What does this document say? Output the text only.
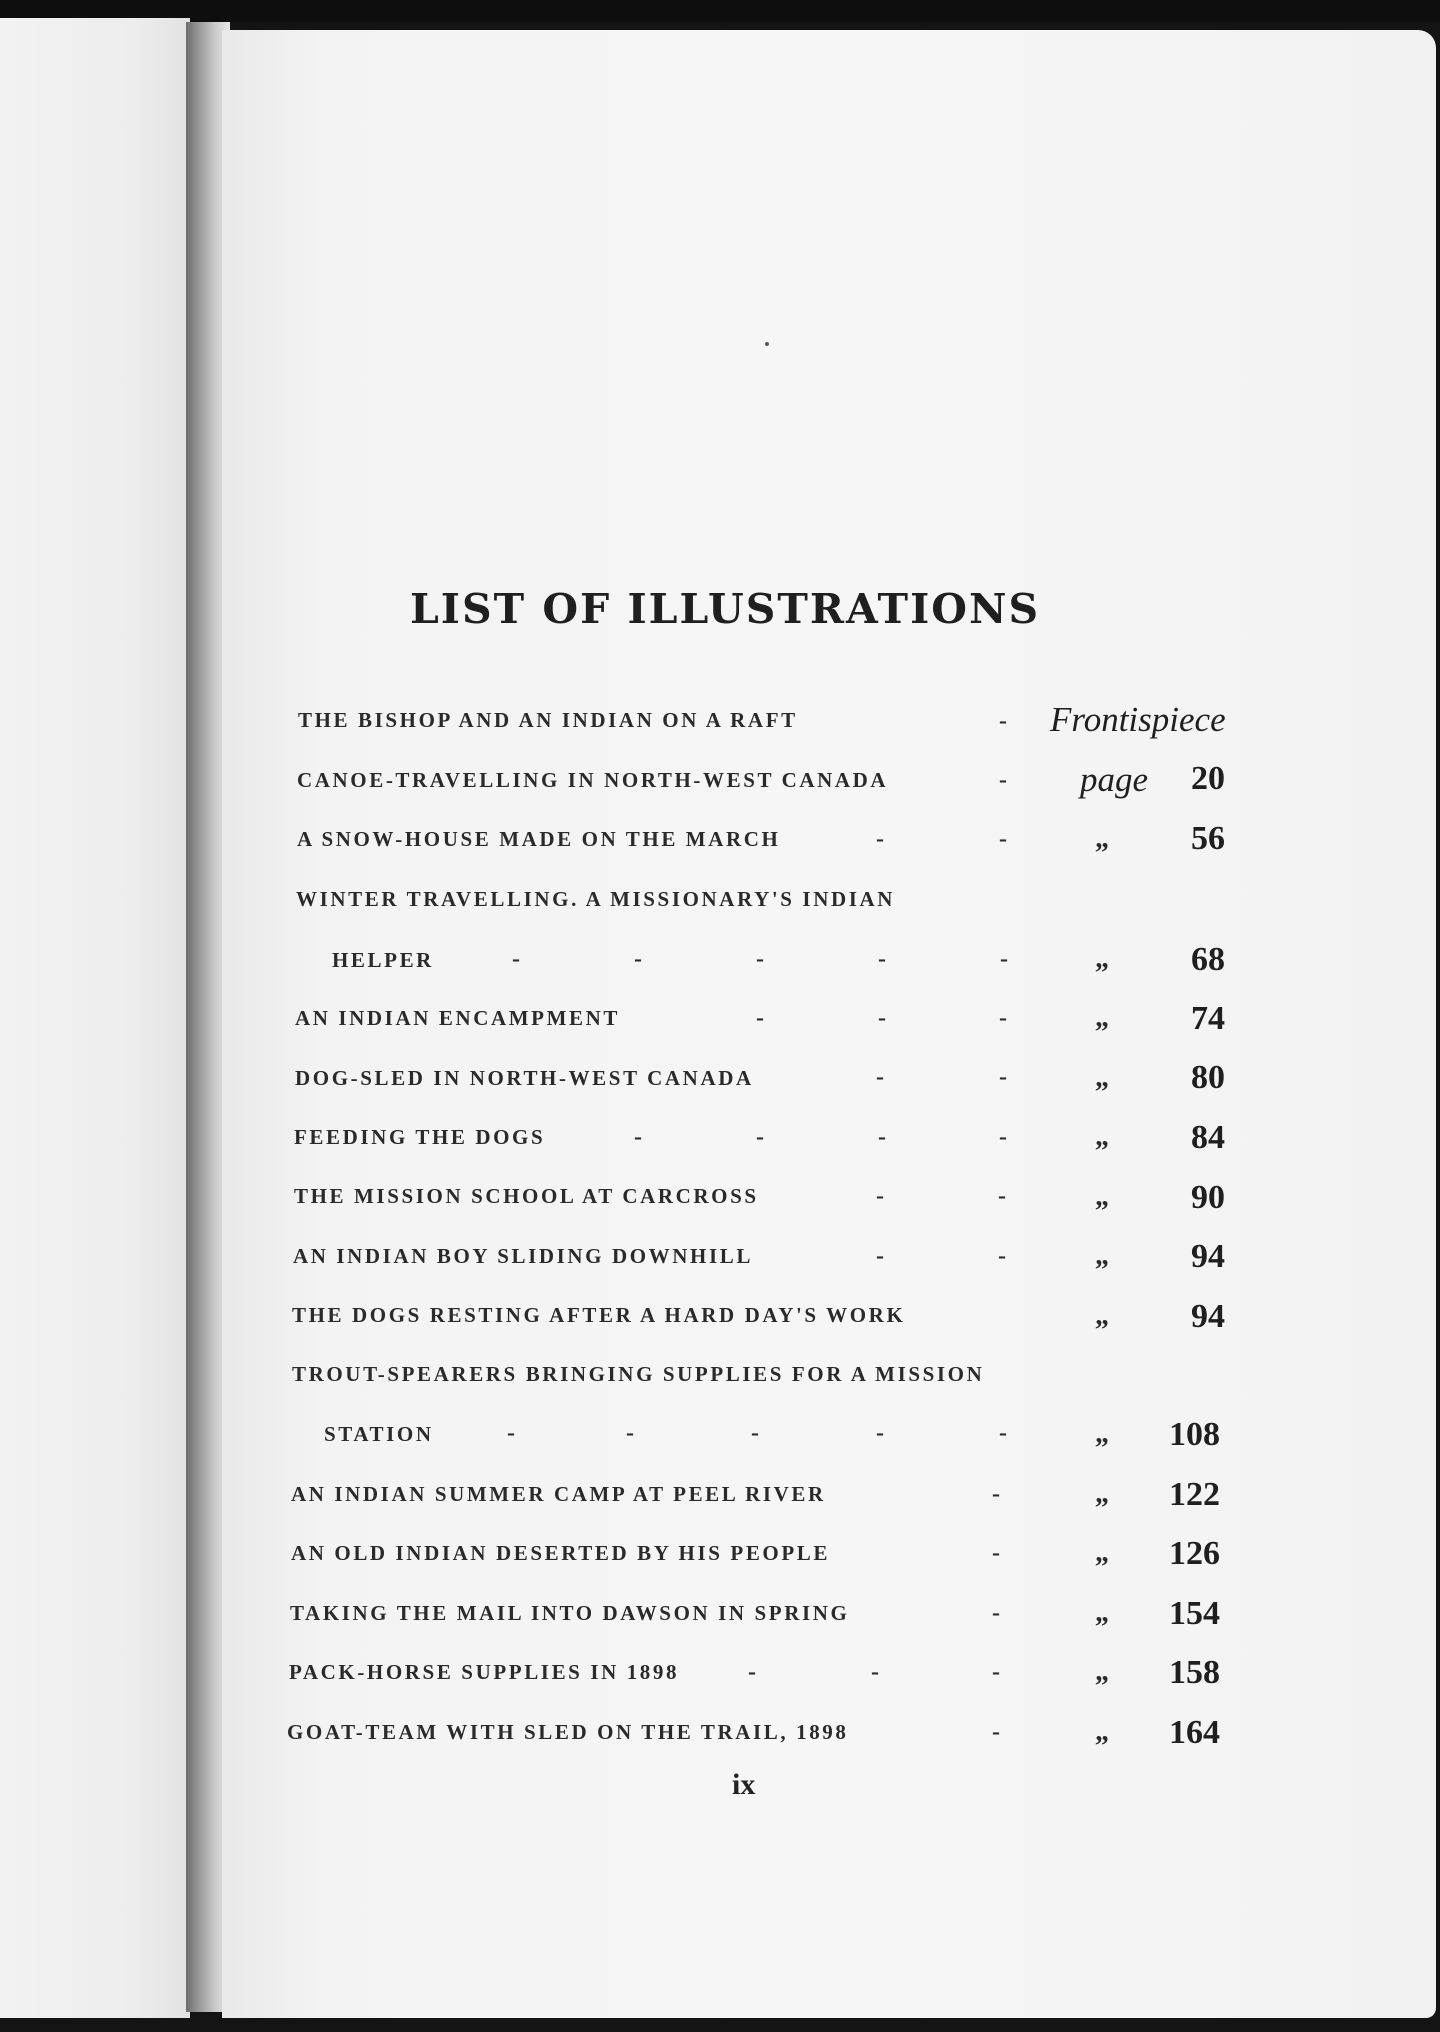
LIST OF ILLUSTRATIONS
THE BISHOP AND AN INDIAN ON A RAFT	- Frontispiece
CANOE-TRAVELLING IN NORTH-WEST CANADA	- page	20
A SNOW-HOUSE MADE ON THE MARCH	-	-	„	56
WINTER TRAVELLING. A MISSIONARY'S INDIAN
HELPER	-	-	-	-	-	„	68
AN INDIAN ENCAMPMENT	-	-	-	„	74
DOG-SLED IN NORTH-WEST CANADA	-	-	„	80
FEEDING THE DOGS	-	-	-	-	„	84
THE MISSION SCHOOL AT CARCROSS	-	-	„	90
AN INDIAN BOY SLIDING DOWNHILL	-	-	„	94
THE DOGS RESTING AFTER A HARD DAY'S WORK	„	94
TROUT-SPEARERS BRINGING SUPPLIES FOR A MISSION
STATION	-	-	-	-	-	„	108
AN INDIAN SUMMER CAMP AT PEEL RIVER	-	„	122
AN OLD INDIAN DESERTED BY HIS PEOPLE	-	„	126
TAKING THE MAIL INTO DAWSON IN SPRING	-	„	154
PACK-HORSE SUPPLIES IN 1898	-	-	-	„	158
GOAT-TEAM WITH SLED ON THE TRAIL, 1898	-	„	164
ix
